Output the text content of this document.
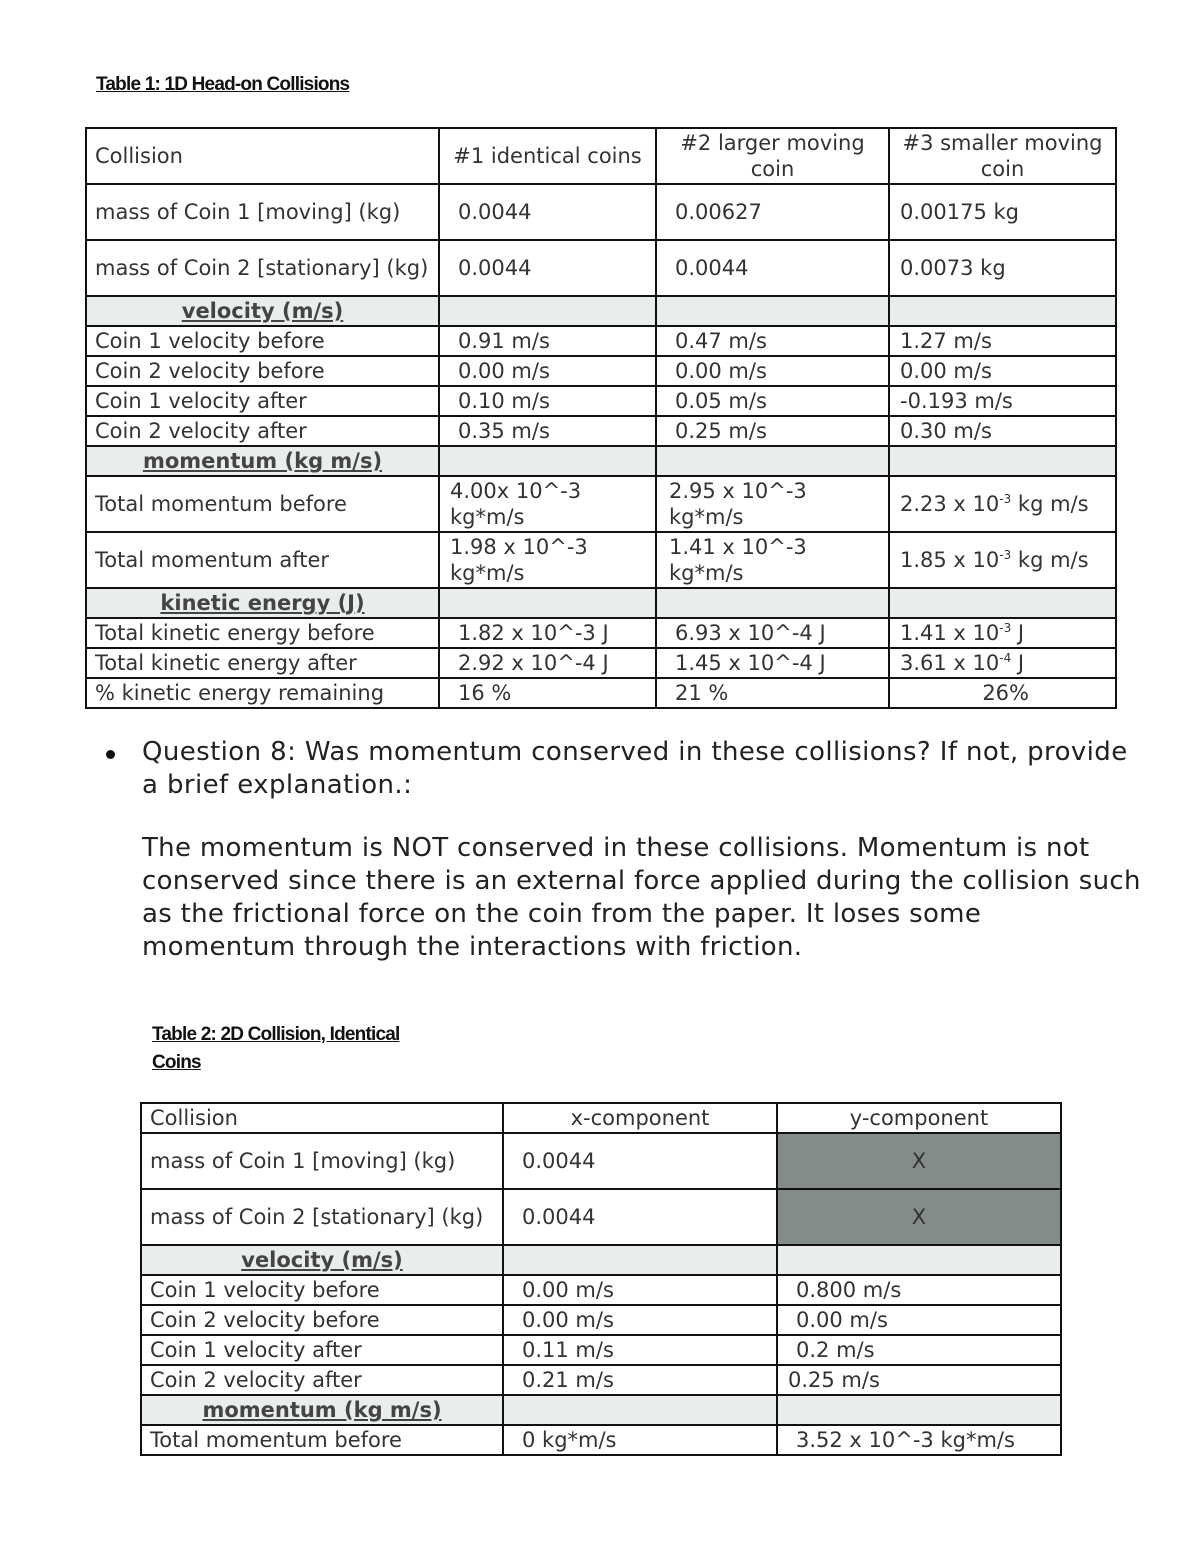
Table 1: 1D Head-on Collisions
Collision	#1 identical coins	#2 larger moving coin	#3 smaller moving coin
mass of Coin 1 [moving] (kg)	0.0044	0.00627	0.00175 kg
mass of Coin 2 [stationary] (kg)	0.0044	0.0044	0.0073 kg
velocity (m/s)			
Coin 1 velocity before	0.91 m/s	0.47 m/s	1.27 m/s
Coin 2 velocity before	0.00 m/s	0.00 m/s	0.00 m/s
Coin 1 velocity after	0.10 m/s	0.05 m/s	-0.193 m/s
Coin 2 velocity after	0.35 m/s	0.25 m/s	0.30 m/s
momentum (kg m/s)			
Total momentum before	4.00x 10^-3 kg*m/s	2.95 x 10^-3 kg*m/s	2.23 x $10^{-3}$ kg m/s
Total momentum after	1.98 x 10^-3 kg*m/s	1.41 x 10^-3 kg*m/s	1.85 x $10^{-3}$ kg m/s
kinetic energy (J)			
Total kinetic energy before	1.82 x 10^-3 J	6.93 x 10^-4 J	1.41 x $10^{-3}$ J
Total kinetic energy after	2.92 x 10^-4 J	1.45 x 10^-4 J	3.61 x $10^{-4}$ J
% kinetic energy remaining	16 %	21 %	26%
Question 8: Was momentum conserved in these collisions? If not, provide a brief explanation.:
The momentum is NOT conserved in these collisions. Momentum is not conserved since there is an external force applied during the collision such as the frictional force on the coin from the paper. It loses some momentum through the interactions with friction.
Table 2: 2D Collision, Identical
Coins
Collision	x-component	y-component
mass of Coin 1 [moving] (kg)	0.0044	X
mass of Coin 2 [stationary] (kg)	0.0044	X
velocity (m/s)		
Coin 1 velocity before	0.00 m/s	0.800 m/s
Coin 2 velocity before	0.00 m/s	0.00 m/s
Coin 1 velocity after	0.11 m/s	0.2 m/s
Coin 2 velocity after	0.21 m/s	0.25 m/s
momentum (kg m/s)		
Total momentum before	0 kg*m/s	3.52 x 10^-3 kg*m/s
